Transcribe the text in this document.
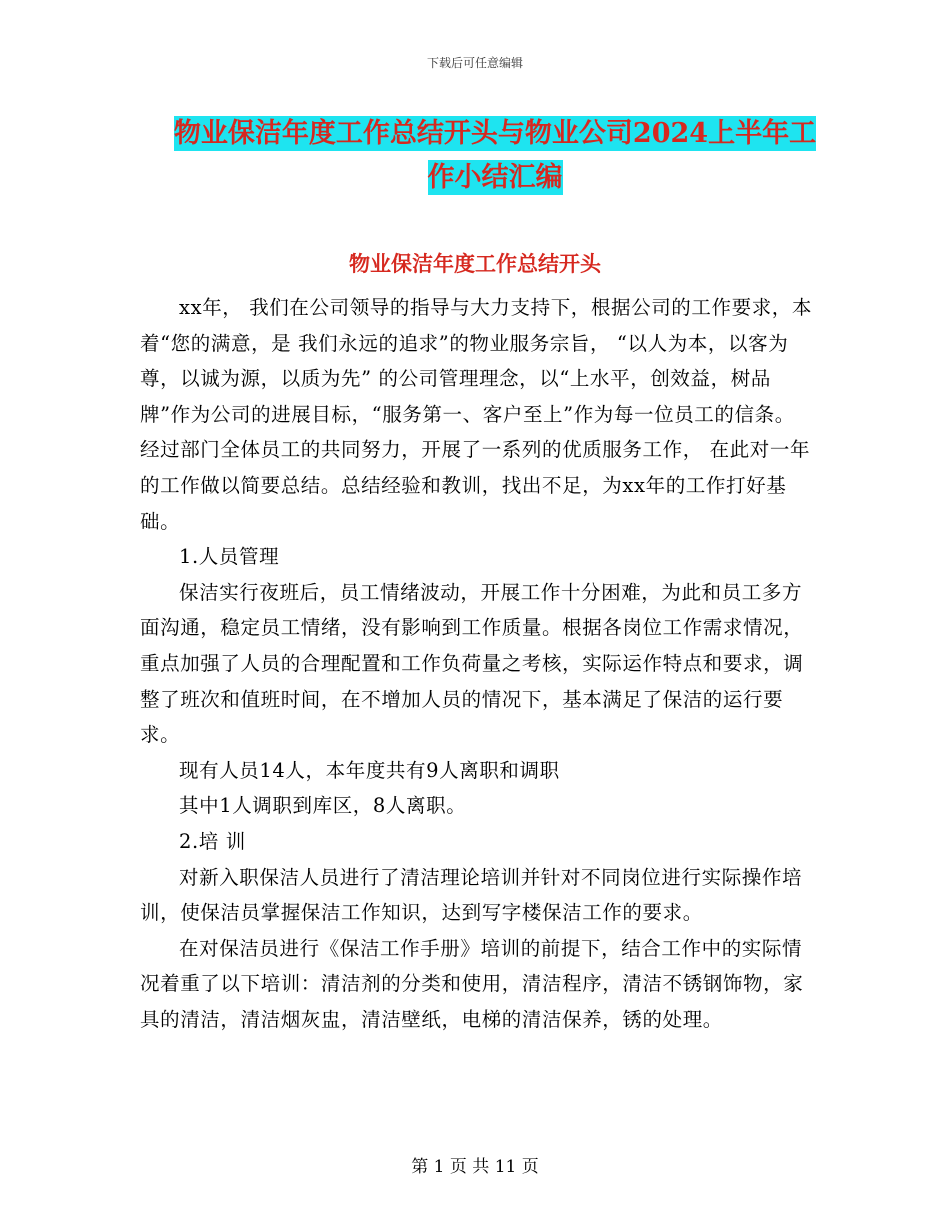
下载后可任意编辑
物业保洁年度工作总结开头与物业公司2024上半年工
作小结汇编
物业保洁年度工作总结开头

xx年， 我们在公司领导的指导与大力支持下，根据公司的工作要求，本着“您的满意，是 我们永远的追求”的物业服务宗旨， “以人为本，以客为尊，以诚为源，以质为先” 的公司管理理念，以“上水平，创效益，树品牌”作为公司的进展目标，“服务第一、客户至上”作为每一位员工的信条。经过部门全体员工的共同努力，开展了一系列的优质服务工作， 在此对一年的工作做以简要总结。总结经验和教训，找出不足，为xx年的工作打好基础。

1.人员管理

保洁实行夜班后，员工情绪波动，开展工作十分困难，为此和员工多方面沟通，稳定员工情绪，没有影响到工作质量。根据各岗位工作需求情况，重点加强了人员的合理配置和工作负荷量之考核，实际运作特点和要求，调整了班次和值班时间，在不增加人员的情况下，基本满足了保洁的运行要求。

现有人员14人，本年度共有9人离职和调职

其中1人调职到库区，8人离职。

2.培 训

对新入职保洁人员进行了清洁理论培训并针对不同岗位进行实际操作培训，使保洁员掌握保洁工作知识，达到写字楼保洁工作的要求。

在对保洁员进行《保洁工作手册》培训的前提下，结合工作中的实际情况着重了以下培训：清洁剂的分类和使用，清洁程序，清洁不锈钢饰物，家具的清洁，清洁烟灰盅，清洁壁纸，电梯的清洁保养，锈的处理。

第 1 页 共 11 页
